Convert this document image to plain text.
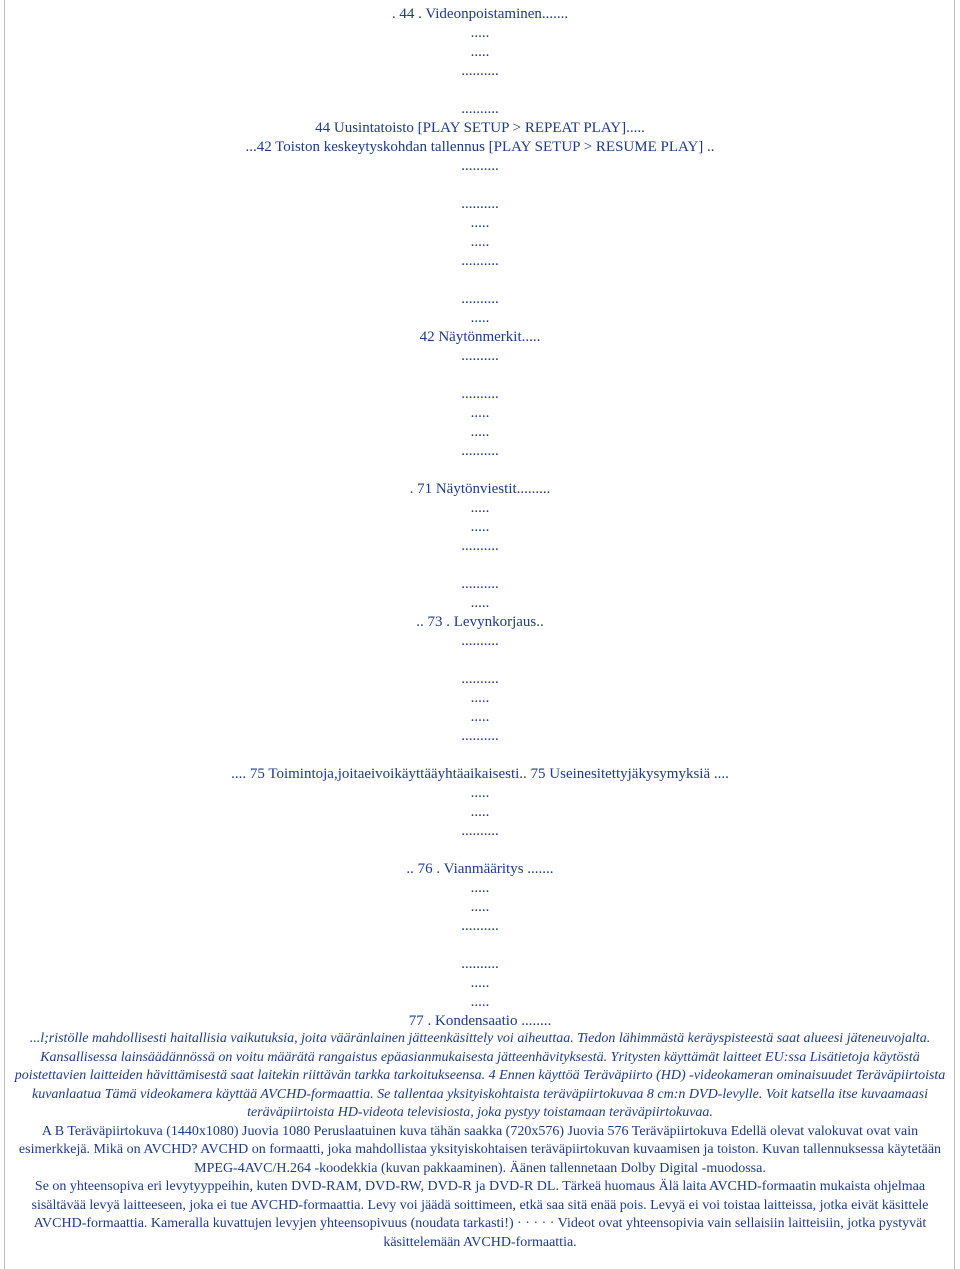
. 44 . Videonpoistaminen.......
.....
.....
..........
..........
44 Uusintatoisto [PLAY SETUP > REPEAT PLAY].....
...42 Toiston keskeytyskohdan tallennus [PLAY SETUP > RESUME PLAY] ..
..........
..........
.....
.....
..........
..........
.....
42 Näytönmerkit.....
..........
..........
.....
.....
..........
. 71 Näytönviestit.........
.....
.....
..........
..........
.....
.. 73 . Levynkorjaus..
..........
..........
.....
.....
..........
.... 75 Toimintoja,joitaeivoikäyttääyhtäaikaisesti.. 75 Useinesitettyjäkysymyksiä ....
.....
.....
..........
.. 76 . Vianmääritys .......
.....
.....
..........
..........
.....
.....
77 . Kondensaatio ........

...l;ristölle mahdollisesti haitallisia vaikutuksia, joita vääränlainen jätteenkäsittely voi aiheuttaa. Tiedon lähimmästä keräyspisteestä saat alueesi jäteneuvojalta. Kansallisessa lainsäädännössä on voitu määrätä rangaistus epäasianmukaisesta jätteenhävityksestä. Yritysten käyttämät laitteet EU:ssa Lisätietoja käytöstä poistettavien laitteiden hävittämisestä saat laitekin riittävän tarkka tarkoitukseensa. 4 Ennen käyttöä Teräväpiirto (HD) -videokameran ominaisuudet Teräväpiirtoista kuvanlaatua Tämä videokamera käyttää AVCHD-formaattia. Se tallentaa yksityiskohtaista teräväpiirtokuvaa 8 cm:n DVD-levylle. Voit katsella itse kuvaamaasi teräväpiirtoista HD-videota televisiosta, joka pystyy toistamaan teräväpiirtokuvaa.

A B Teräväpiirtokuva (1440x1080) Juovia 1080 Peruslaatuinen kuva tähän saakka (720x576) Juovia 576 Teräväpiirtokuva Edellä olevat valokuvat ovat vain esimerkkejä. Mikä on AVCHD? AVCHD on formaatti, joka mahdollistaa yksityiskohtaisen teräväpiirtokuvan kuvaamisen ja toiston. Kuvan tallennuksessa käytetään MPEG-4AVC/H.264 -koodekkia (kuvan pakkaaminen). Äänen tallennetaan Dolby Digital -muodossa.

Se on yhteensopiva eri levytyyppeihin, kuten DVD-RAM, DVD-RW, DVD-R ja DVD-R DL. Tärkeä huomaus Älä laita AVCHD-formaatin mukaista ohjelmaa sisältävää levyä laitteeseen, joka ei tue AVCHD-formaattia. Levy voi jäädä soittimeen, etkä saa sitä enää pois. Levyä ei voi toistaa laitteissa, jotka eivät käsittele AVCHD-formaattia. Kameralla kuvattujen levyjen yhteensopivuus (noudata tarkasti!) · · · · · Videot ovat yhteensopivia vain sellaisiin laitteisiin, jotka pystyvät käsittelemään AVCHD-formaattia.
